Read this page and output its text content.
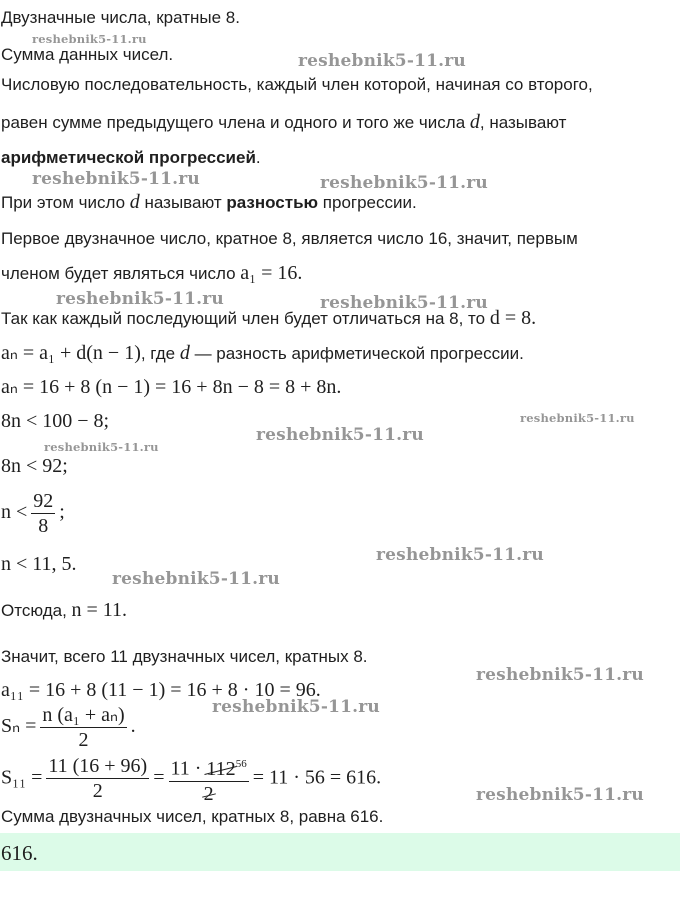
Двузначные числа, кратные 8.
Сумма данных чисел.
Числовую последовательность, каждый член которой, начиная со второго,
равен сумме предыдущего члена и одного и того же числа d, называют
арифметической прогрессией.
При этом число d называют разностью прогрессии.
Первое двузначное число, кратное 8, является число 16, значит, первым
членом будет являться число a₁ = 16.
Так как каждый последующий член будет отличаться на 8, то d = 8.
aₙ = a₁ + d(n − 1), где d — разность арифметической прогрессии.
aₙ = 16 + 8 (n − 1) = 16 + 8n − 8 = 8 + 8n.
8n < 100 − 8;
8n < 92;
$n < \frac{92}{8}$ ;
n < 11, 5.
Отсюда, n = 11.
Значит, всего 11 двузначных чисел, кратных 8.
a₁₁ = 16 + 8 (11 − 1) = 16 + 8 · 10 = 96.
$S_n = \frac{\text{n (a₁ + aₙ)}}{2}$ .
$S_{11} = \frac{11 (16 + 96)}{2} = \frac{11 \cdot 112^{56}}{2} = 11 \cdot 56 = 616$.
Сумма двузначных чисел, кратных 8, равна 616.
616.
reshebnik5-11.ru
reshebnik5-11.ru
reshebnik5-11.ru	reshebnik5-11.ru
reshebnik5-11.ru	reshebnik5-11.ru
reshebnik5-11.ru
reshebnik5-11.ru
reshebnik5-11.ru
reshebnik5-11.ru
reshebnik5-11.ru
reshebnik5-11.ru
reshebnik5-11.ru
reshebnik5-11.ru
